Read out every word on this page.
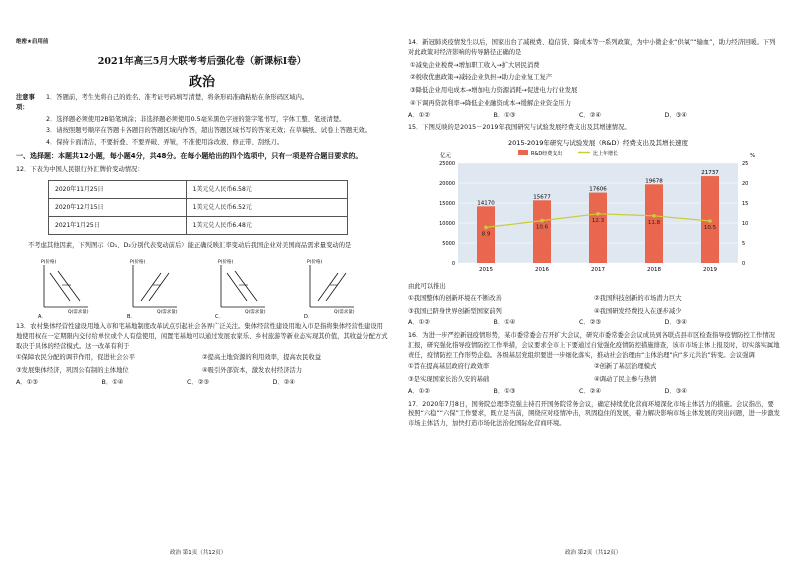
绝密★启用前
2021年高三5月大联考考后强化卷（新课标Ⅰ卷）
政治
注意事项：
1．答题前，考生先将自己的姓名、准考证号码填写清楚，将条形码准确粘贴在条形码区域内。
2．选择题必须使用2B铅笔填涂；非选择题必须使用0.5毫米黑色字迹的签字笔书写，字体工整、笔迹清楚。
3．请按照题号顺序在答题卡各题目的答题区域内作答，超出答题区域书写的答案无效；在草稿纸、试卷上答题无效。
4．保持卡面清洁，不要折叠、不要弄破、弄皱，不准使用涂改液、修正带、刮纸刀。
一、选择题：本题共12小题，每小题4分，共48分。在每小题给出的四个选项中，只有一项是符合题目要求的。
12．下表为中国人民银行外汇牌价变动情况：
2020年11月25日	1美元兑人民币6.58元
2020年12月15日	1美元兑人民币6.52元
2021年1月25日	1美元兑人民币6.48元
不考虑其他因素，下列图示（D₁、D₂分别代表变动前后）能正确反映汇率变动后我国企业对美国商品需求量变动的是
P(价格)
Q(需求量)
A．
P(价格)
Q(需求量)
B．
P(价格)
Q(需求量)
C．
P(价格)
Q(需求量)
D．
13．农村集体经营性建设用地入市和宅基地制度改革试点引起社会各界广泛关注。集体经营性建设用地入市是指将集体经营性建设用地使用权在一定期限内交付给单位或个人有偿使用，闲置宅基地可以通过发展农家乐、乡村旅游等新业态实现其价值，其收益分配方式取决于具体的经营模式。这一改革有利于
①保障农民分配的调节作用，促进社会公平	②提高土地资源的利用效率，提高农民收益
③发展集体经济，巩固公有制的主体地位	④吸引外部资本，激发农村经济活力
A．①③	B．①④	C．②③	D．②④
14．新冠肺炎疫情发生以后，国家出台了减税费、稳信贷、降成本等一系列政策，为中小微企业“供氧”“输血”，助力经济回暖。下列对此政策对经济影响的传导路径正确的是
①减免企业税费→增加职工收入→扩大居民消费
②税收优惠政策→减轻企业负担→助力企业复工复产
③降低企业用电成本→增加电力资源消耗→促进电力行业发展
④下调再贷款利率→降低企业融资成本→缓解企业资金压力
A．①②	B．①③	C．②④	D．③④
15．下图反映的是2015－2019年我国研究与试验发展经费支出及其增速情况。
2015-2019年研究与试验发展（R&D）经费支出及其增长速度
亿元	%
0
5000
10000
15000
20000
25000
0
5
10
15
20
25
R&D经费支出	比上年增长
14170
2015
15677
2016
17606
2017
19678
2018
21737
2019
8.9
10.6
12.3	11.8
10.5
由此可以推出
①我国整体的创新环境在不断改善	②我国科技创新的市场潜力巨大
③我国已跻身世界创新型国家前列	④我国研发经费投入在逐步减少
A．①②	B．①④	C．②③	D．③④
16．为进一步严控新冠疫情形势，某市委常委会召开扩大会议，研究市委常委会会议成员到各联点县市区检查指导疫情防控工作情况汇报，研究强化指导疫情防控工作举措，会议要求全市上下要通过自觉强化疫情防控措施排查，该市市场主体上报及时，切实落实属地责任，疫情防控工作形势企稳。各级基层党组织要进一步细化落实，推动社会治理由“主体治理”向“多元共治”转变。会议强调
①旨在提高基层政府行政效率	②创新了基层治理模式
③是实现国家长治久安的基础	④调动了民主参与热情
A．①②	B．①③	C．②④	D．③④
17．2020年7月8日，国务院总理李克强主持召开国务院常务会议，确定持续优化营商环境深化市场主体活力的措施。会议指出，要按照“六稳”“六保”工作要求，既立足当前，围绕应对疫情冲击，巩固稳住的发展，着力解决影响市场主体发展的突出问题，进一步激发市场主体活力，加快打造市场化法治化国际化营商环境。
政治 第1页（共12页）	政治 第2页（共12页）
